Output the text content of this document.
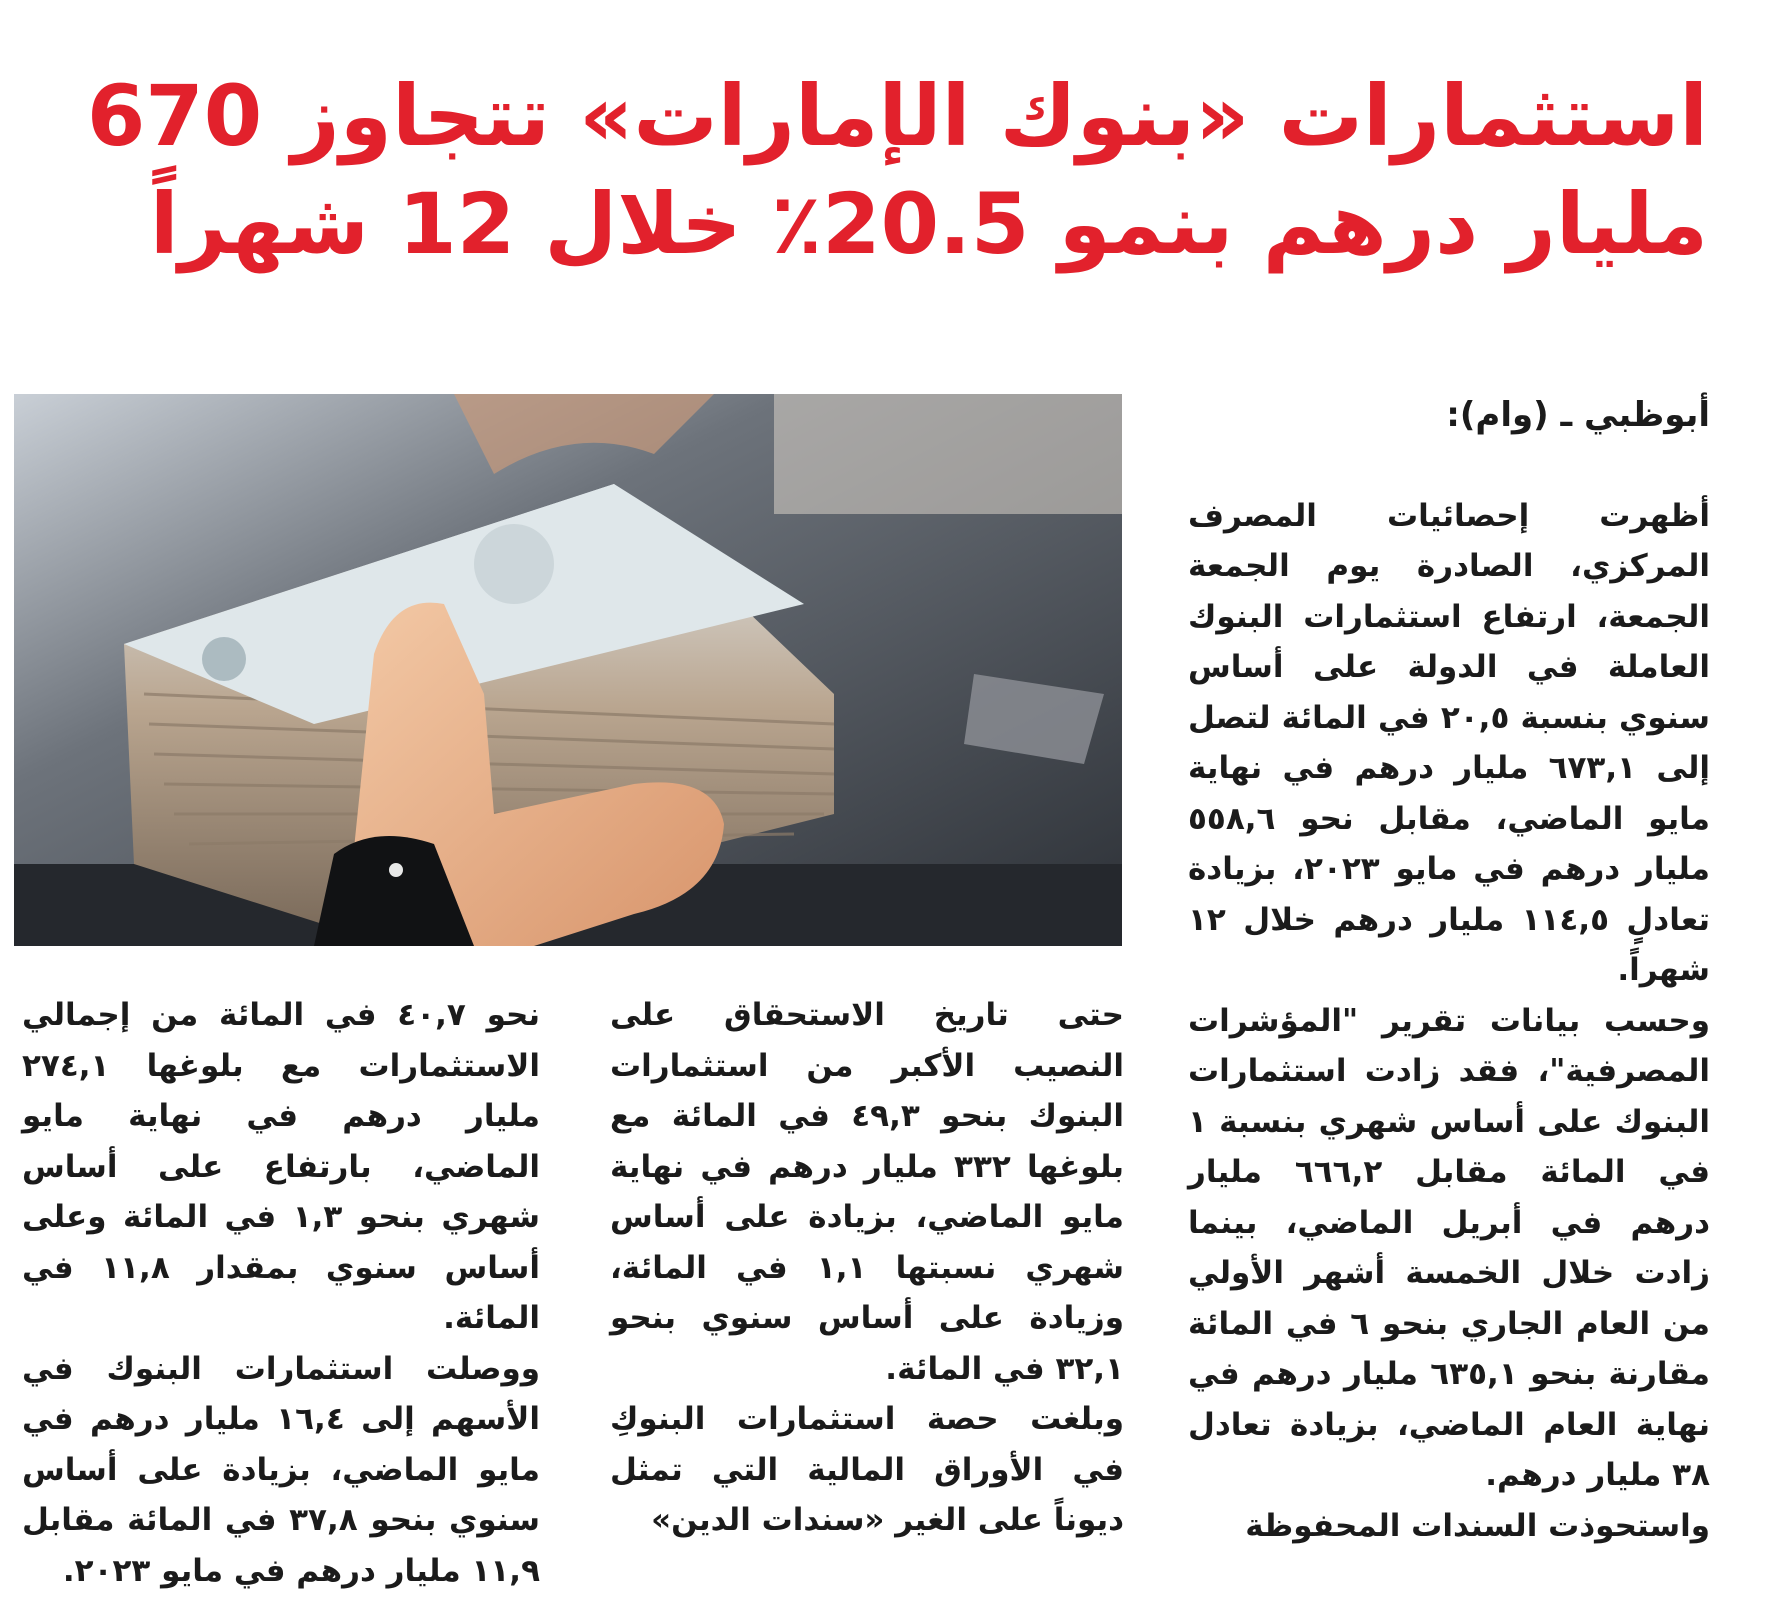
استثمارات «بنوك الإمارات» تتجاوز 670
مليار درهم بنمو 20.5٪ خلال 12 شهراً

أبوظبي ـ (وام):

أظهرت إحصائيات المصرف المركزي، الصادرة يوم الجمعة الجمعة، ارتفاع استثمارات البنوك العاملة في الدولة على أساس سنوي بنسبة ٢٠,٥ في المائة لتصل إلى ٦٧٣,١ مليار درهم في نهاية مايو الماضي، مقابل نحو ٥٥٨,٦ مليار درهم في مايو ٢٠٢٣، بزيادة تعادلٍ ١١٤,٥ مليار درهم خلال ١٢ شهراً.

وحسب بيانات تقرير "المؤشرات المصرفية"، فقد زادت استثمارات البنوك على أساس شهري بنسبة ١ في المائة مقابل ٦٦٦,٢ مليار درهم في أبريل الماضي، بينما زادت خلال الخمسة أشهر الأولي من العام الجاري بنحو ٦ في المائة مقارنة بنحو ٦٣٥,١ مليار درهم في نهاية العام الماضي، بزيادة تعادل ٣٨ مليار درهم.

واستحوذت السندات المحفوظة

حتى تاريخ الاستحقاق على النصيب الأكبر من استثمارات البنوك بنحو ٤٩,٣ في المائة مع بلوغها ٣٣٢ مليار درهم في نهاية مايو الماضي، بزيادة على أساس شهري نسبتها ١,١ في المائة، وزيادة على أساس سنوي بنحو ٣٢,١ في المائة.

وبلغت حصة استثمارات البنوكِ في الأوراق المالية التي تمثل ديوناً على الغير «سندات الدين»

نحو ٤٠,٧ في المائة من إجمالي الاستثمارات مع بلوغها ٢٧٤,١ مليار درهم في نهاية مايو الماضي، بارتفاع على أساس شهري بنحو ١,٣ في المائة وعلى أساس سنوي بمقدار ١١,٨ في المائة.

ووصلت استثمارات البنوك في الأسهم إلى ١٦,٤ مليار درهم في مايو الماضي، بزيادة على أساس سنوي بنحو ٣٧,٨ في المائة مقابل ١١,٩ مليار درهم في مايو ٢٠٢٣.
